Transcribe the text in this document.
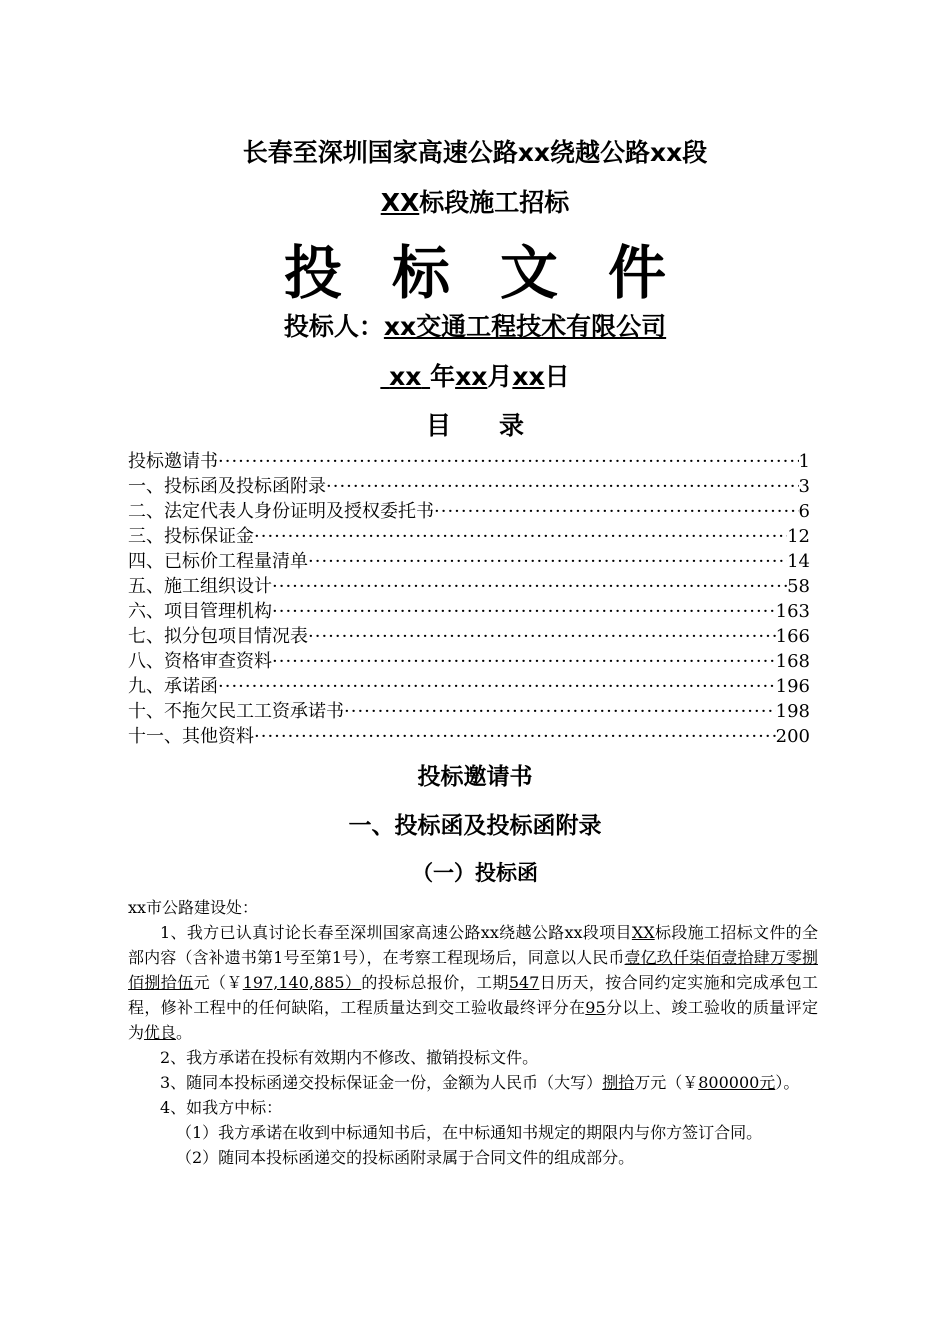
长春至深圳国家高速公路xx绕越公路xx段
XX标段施工招标
投标文件
投标人：xx交通工程技术有限公司
xx 年xx月xx日
目录
投标邀请书 ·····	1
一、投标函及投标函附录 ·····	3
二、法定代表人身份证明及授权委托书 ·····	6
三、投标保证金 ·····	12
四、已标价工程量清单 ·····	14
五、施工组织设计 ·····	58
六、项目管理机构 ·····	163
七、拟分包项目情况表 ·····	166
八、资格审查资料 ·····	168
九、承诺函 ·····	196
十、不拖欠民工工资承诺书 ·····	198
十一、其他资料 ·····	200
投标邀请书
一、投标函及投标函附录
（一）投标函

xx市公路建设处：

1、我方已认真讨论长春至深圳国家高速公路xx绕越公路xx段项目XX标段施工招标文件的全部内容（含补遗书第1号至第1号），在考察工程现场后，同意以人民币壹亿玖仟柒佰壹拾肆万零捌佰捌拾伍元（￥197,140,885）的投标总报价，工期547日历天，按合同约定实施和完成承包工程，修补工程中的任何缺陷，工程质量达到交工验收最终评分在95分以上、竣工验收的质量评定为优良。

2、我方承诺在投标有效期内不修改、撤销投标文件。

3、随同本投标函递交投标保证金一份，金额为人民币（大写）捌拾万元（￥800000元）。

4、如我方中标：

（1）我方承诺在收到中标通知书后，在中标通知书规定的期限内与你方签订合同。

（2）随同本投标函递交的投标函附录属于合同文件的组成部分。
